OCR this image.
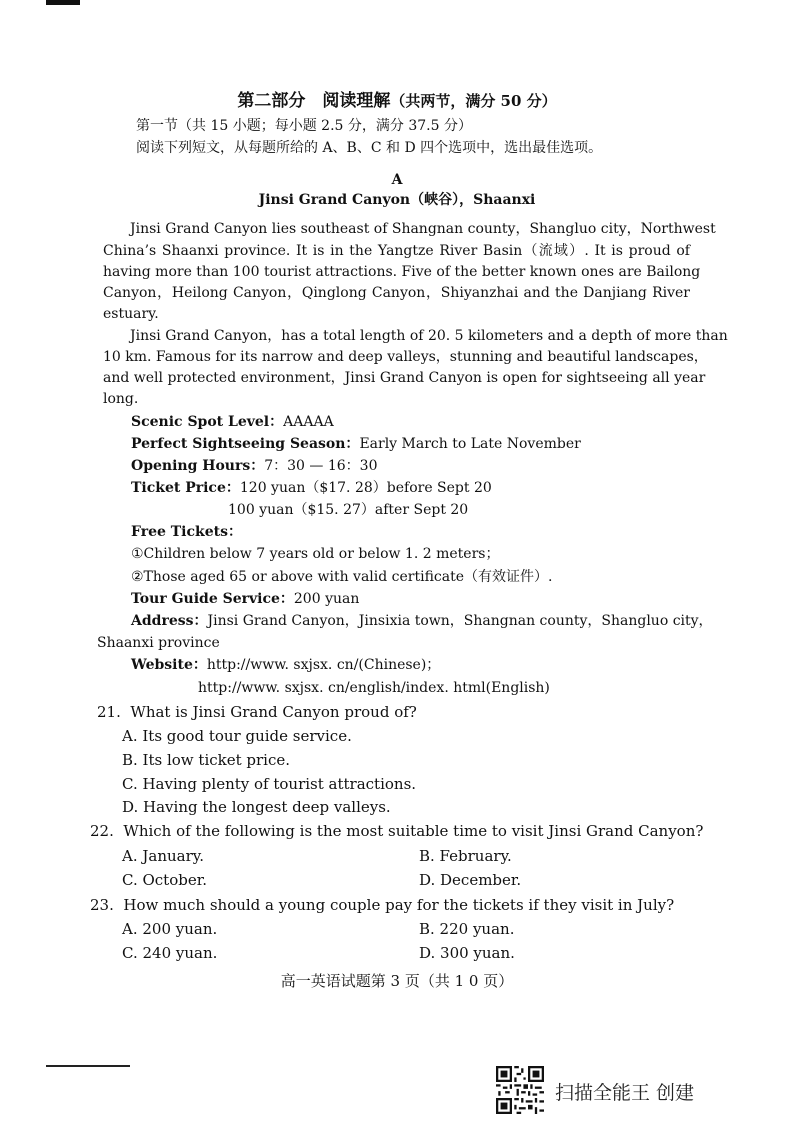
第二部分　阅读理解（共两节，满分 50 分）
第一节（共 15 小题；每小题 2.5 分，满分 37.5 分）
阅读下列短文，从每题所给的 A、B、C 和 D 四个选项中，选出最佳选项。
A
Jinsi Grand Canyon（峡谷），Shaanxi
Jinsi Grand Canyon lies southeast of Shangnan county，Shangluo city，Northwest
China’s Shaanxi province. It is in the Yangtze River Basin（流域）. It is proud of
having more than 100 tourist attractions. Five of the better known ones are Bailong
Canyon，Heilong Canyon，Qinglong Canyon，Shiyanzhai and the Danjiang River
estuary.
Jinsi Grand Canyon，has a total length of 20. 5 kilometers and a depth of more than
10 km. Famous for its narrow and deep valleys，stunning and beautiful landscapes，
and well protected environment，Jinsi Grand Canyon is open for sightseeing all year
long.
Scenic Spot Level：AAAAA
Perfect Sightseeing Season：Early March to Late November
Opening Hours：7：30 — 16：30
Ticket Price：120 yuan（$17. 28）before Sept 20
100 yuan（$15. 27）after Sept 20
Free Tickets：
①Children below 7 years old or below 1. 2 meters；
②Those aged 65 or above with valid certificate（有效证件）.
Tour Guide Service：200 yuan
Address：Jinsi Grand Canyon，Jinsixia town，Shangnan county，Shangluo city，
Shaanxi province
Website：http://www. sxjsx. cn/(Chinese)；
http://www. sxjsx. cn/english/index. html(English)
21. What is Jinsi Grand Canyon proud of?
A. Its good tour guide service.
B. Its low ticket price.
C. Having plenty of tourist attractions.
D. Having the longest deep valleys.
22. Which of the following is the most suitable time to visit Jinsi Grand Canyon?
A. January.	B. February.
C. October.	D. December.
23. How much should a young couple pay for the tickets if they visit in July?
A. 200 yuan.	B. 220 yuan.
C. 240 yuan.	D. 300 yuan.
高一英语试题第 3 页（共 1 0 页）
扫描全能王 创建
